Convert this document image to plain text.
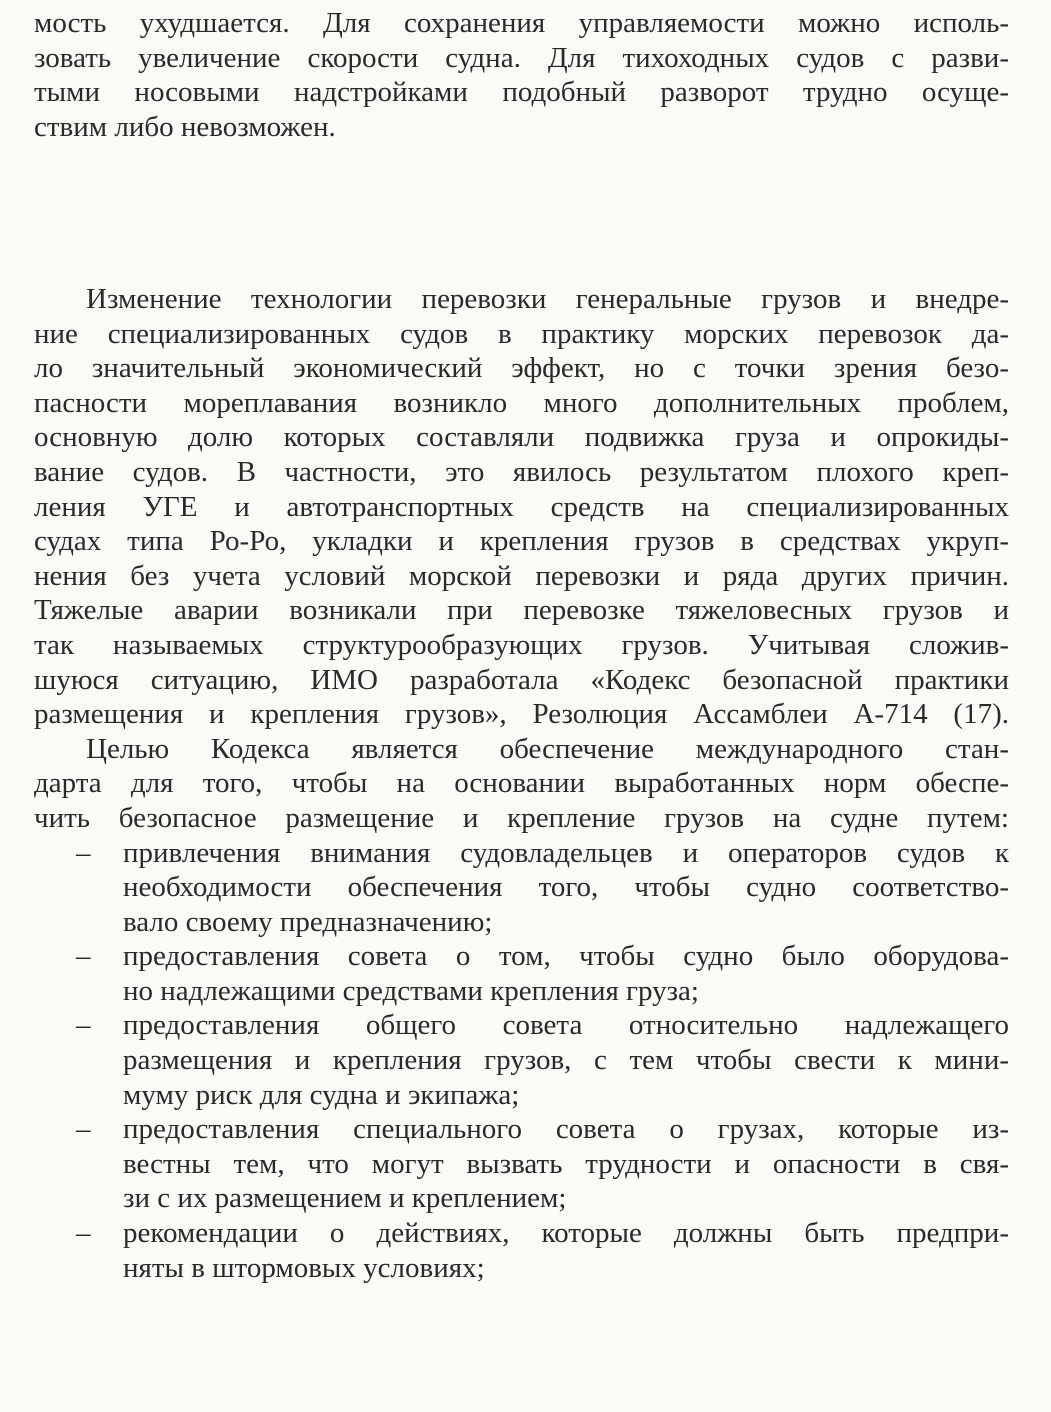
мость ухудшается. Для сохранения управляемости можно исполь-
зовать увеличение скорости судна. Для тихоходных судов с разви-
тыми носовыми надстройками подобный разворот трудно осуще-
ствим либо невозможен.
Изменение технологии перевозки генеральные грузов и внедре-
ние специализированных судов в практику морских перевозок да-
ло значительный экономический эффект, но с точки зрения безо-
пасности мореплавания возникло много дополнительных проблем,
основную долю которых составляли подвижка груза и опрокиды-
вание судов. В частности, это явилось результатом плохого креп-
ления УГЕ и автотранспортных средств на специализированных
судах типа Ро-Ро, укладки и крепления грузов в средствах укруп-
нения без учета условий морской перевозки и ряда других причин.
Тяжелые аварии возникали при перевозке тяжеловесных грузов и
так называемых структурообразующих грузов. Учитывая сложив-
шуюся ситуацию, ИМО разработала «Кодекс безопасной практики
размещения и крепления грузов», Резолюция Ассамблеи А-714 (17).
Целью Кодекса является обеспечение международного стан-
дарта для того, чтобы на основании выработанных норм обеспе-
чить безопасное размещение и крепление грузов на судне путем:
– привлечения внимания судовладельцев и операторов судов к
необходимости обеспечения того, чтобы судно соответство-
вало своему предназначению;
– предоставления совета о том, чтобы судно было оборудова-
но надлежащими средствами крепления груза;
– предоставления общего совета относительно надлежащего
размещения и крепления грузов, с тем чтобы свести к мини-
муму риск для судна и экипажа;
– предоставления специального совета о грузах, которые из-
вестны тем, что могут вызвать трудности и опасности в свя-
зи с их размещением и креплением;
– рекомендации о действиях, которые должны быть предпри-
няты в штормовых условиях;
